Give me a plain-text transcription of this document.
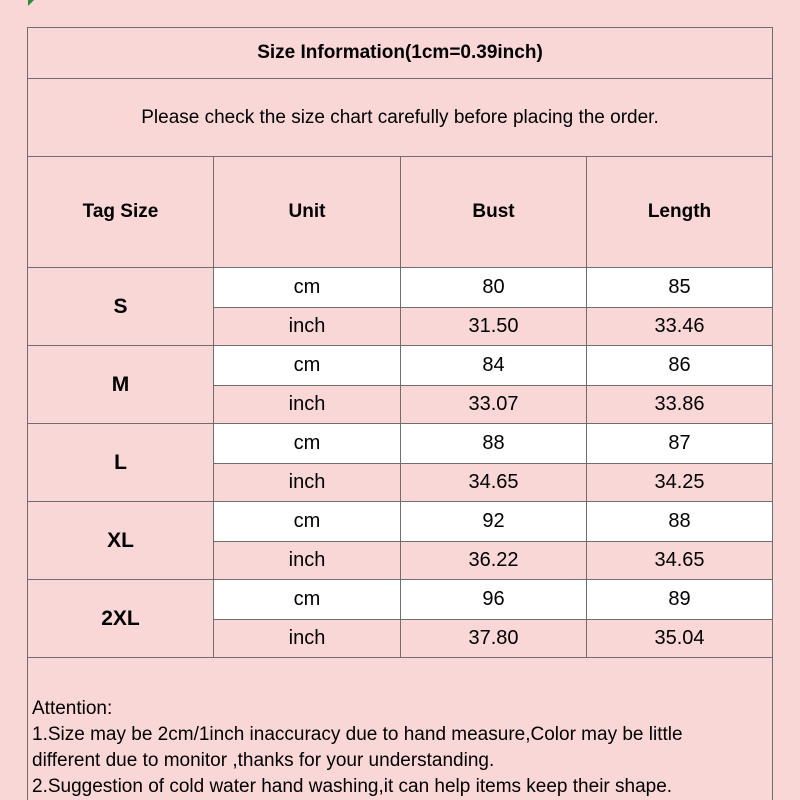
Size Information(1cm=0.39inch)
Please check the size chart carefully before placing the order.
Tag Size	Unit	Bust	Length
S
cm	80	85
inch	31.50	33.46
M
cm	84	86
inch	33.07	33.86
L
cm	88	87
inch	34.65	34.25
XL
cm	92	88
inch	36.22	34.65
2XL
cm	96	89
inch	37.80	35.04
Attention:
1.Size may be 2cm/1inch inaccuracy due to hand measure,Color may be little
different due to monitor ,thanks for your understanding.
2.Suggestion of cold water hand washing,it can help items keep their shape.
